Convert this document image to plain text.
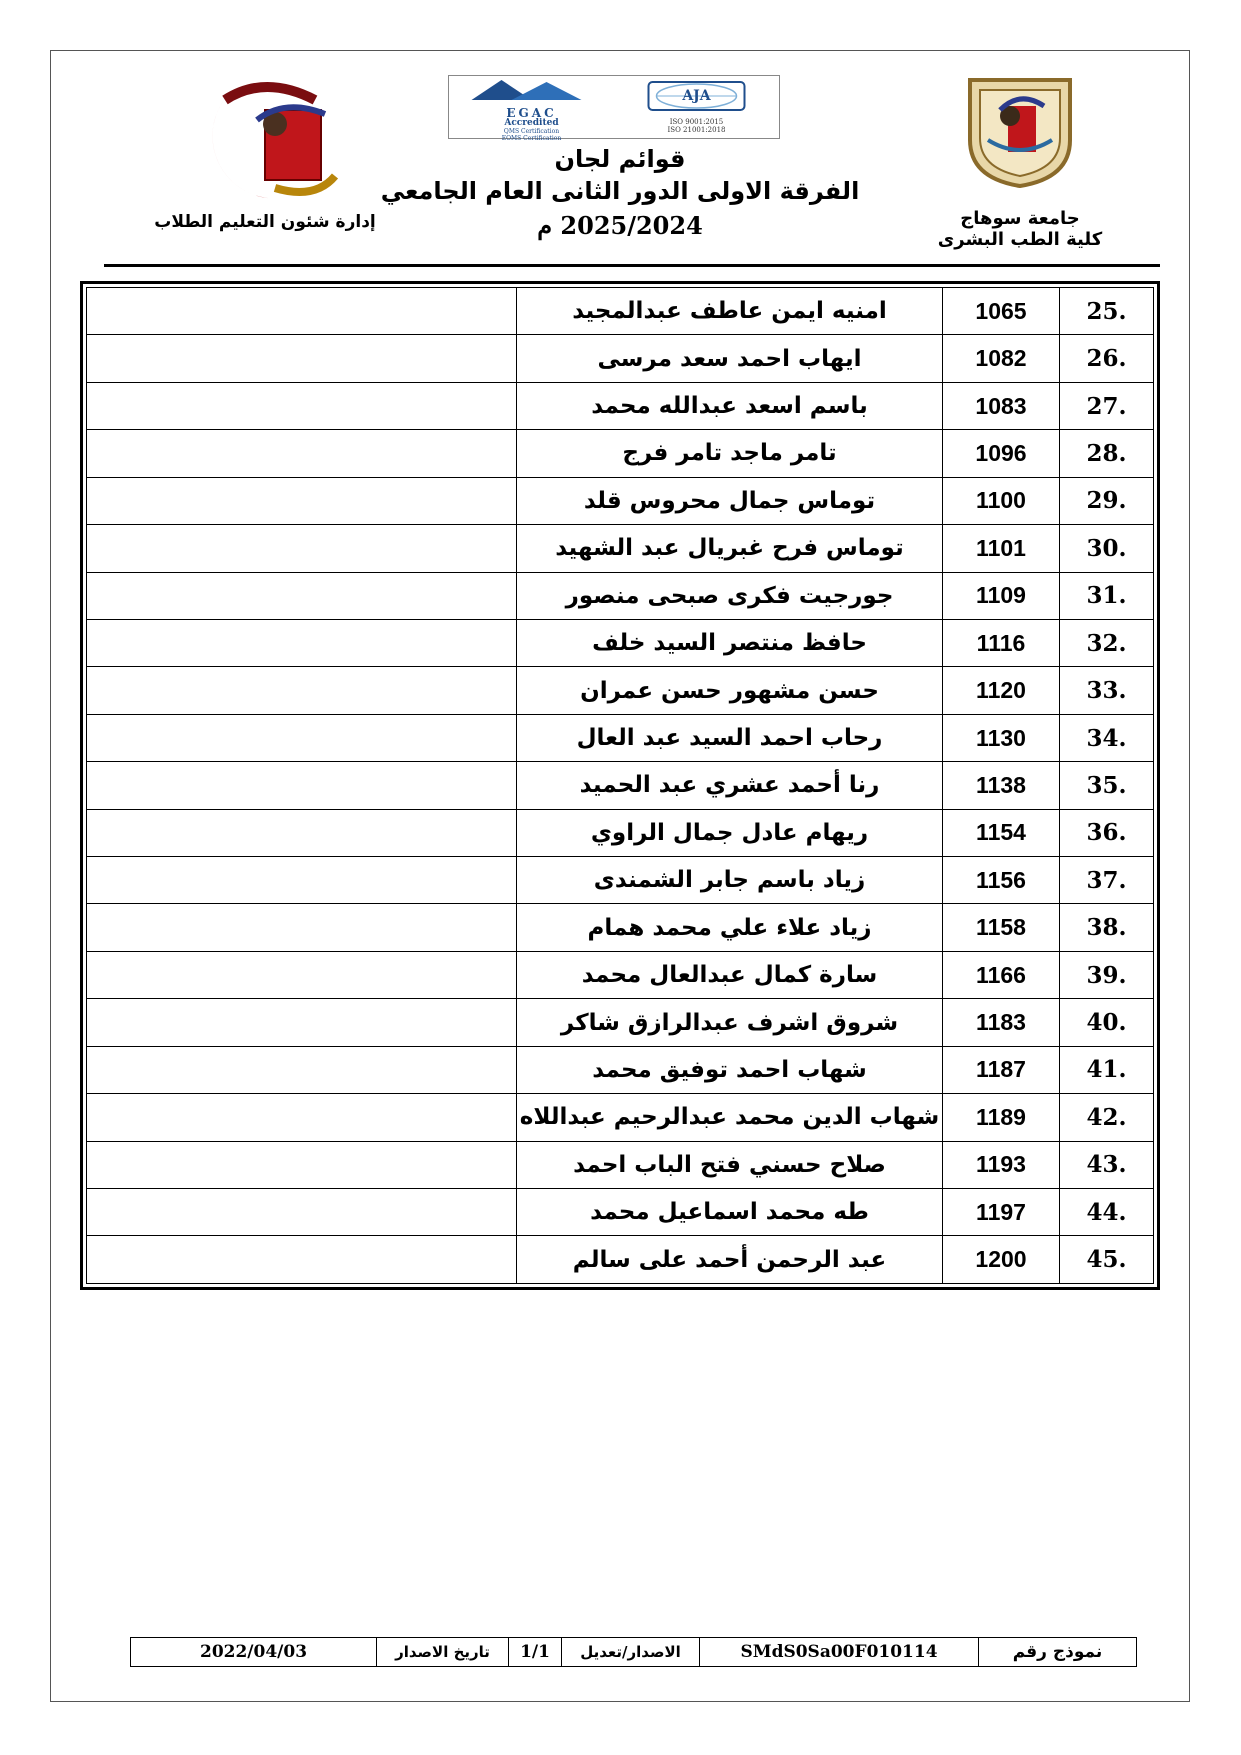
جامعة سوهاج
كلية الطب البشرى
إدارة شئون التعليم الطلاب
EGAC
Accredited
QMS Certification
EOMS Certification
AJA
ISO 9001:2015
ISO 21001:2018

قوائم لجان

الفرقة الاولى الدور الثانى العام الجامعي

2025/2024 م

.25	1065	امنيه ايمن عاطف عبدالمجيد	
.26	1082	ايهاب احمد سعد مرسى	
.27	1083	باسم اسعد عبدالله محمد	
.28	1096	تامر ماجد تامر فرج	
.29	1100	توماس جمال محروس قلد	
.30	1101	توماس فرح غبريال عبد الشهيد	
.31	1109	جورجيت فكرى صبحى منصور	
.32	1116	حافظ منتصر السيد خلف	
.33	1120	حسن مشهور حسن عمران	
.34	1130	رحاب احمد السيد عبد العال	
.35	1138	رنا أحمد عشري عبد الحميد	
.36	1154	ريهام عادل جمال الراوي	
.37	1156	زياد باسم جابر الشمندى	
.38	1158	زياد علاء علي محمد همام	
.39	1166	سارة كمال عبدالعال محمد	
.40	1183	شروق اشرف عبدالرازق شاكر	
.41	1187	شهاب احمد توفيق محمد	
.42	1189	شهاب الدين محمد عبدالرحيم عبداللاه	
.43	1193	صلاح حسني فتح الباب احمد	
.44	1197	طه محمد اسماعيل محمد	
.45	1200	عبد الرحمن أحمد على سالم	
نموذج رقم
SMdS0Sa00F010114
الاصدار/تعديل
1/1
تاريخ الاصدار
2022/04/03
